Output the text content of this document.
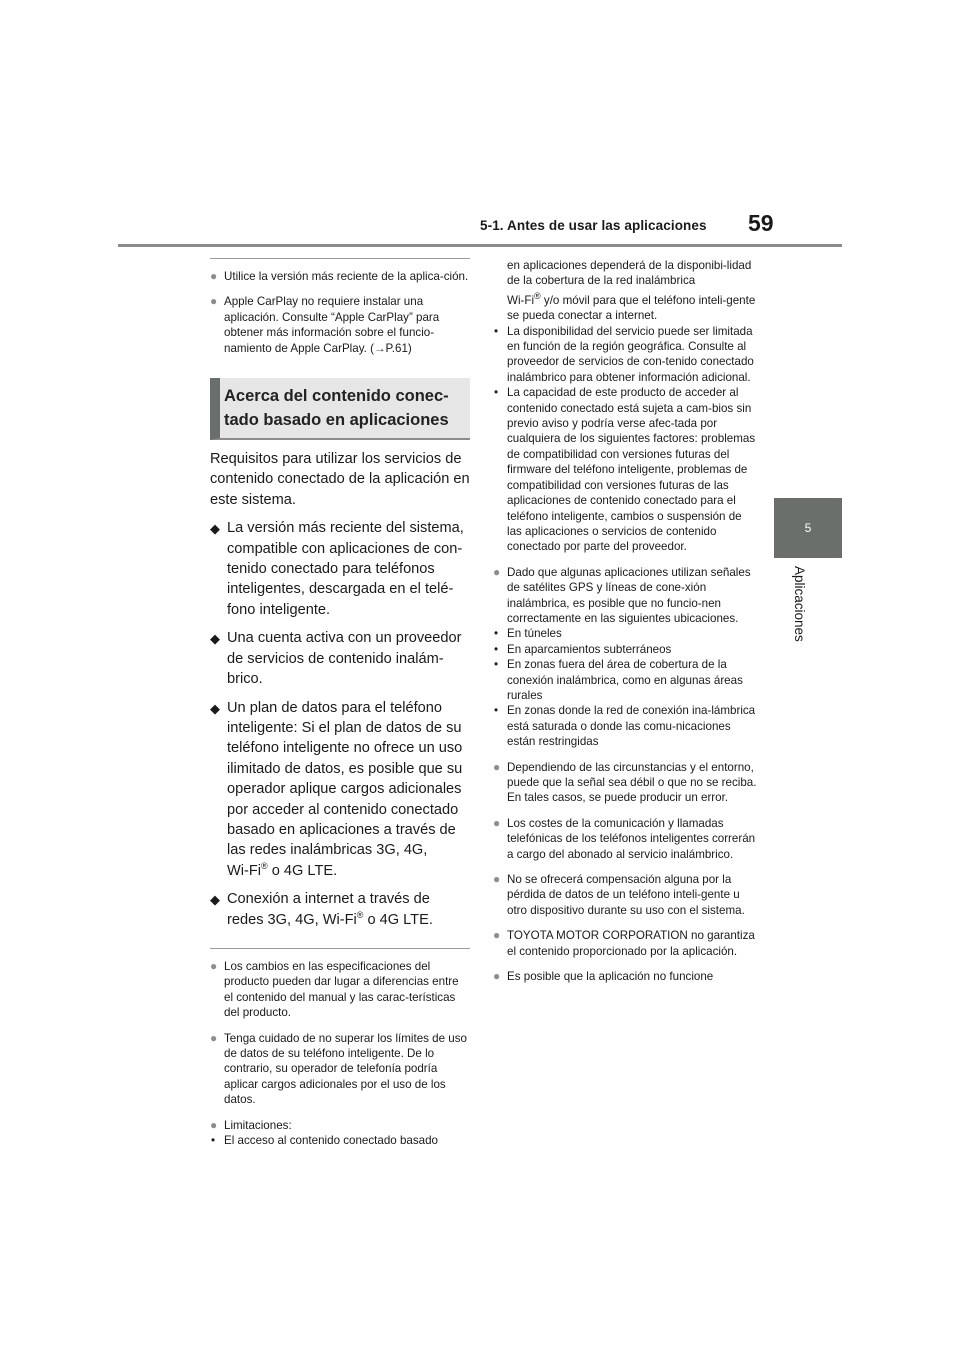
5-1. Antes de usar las aplicaciones 59
5
Aplicaciones
● Utilice la versión más reciente de la aplica-ción.
● Apple CarPlay no requiere instalar una aplicación. Consulte “Apple CarPlay” para obtener más información sobre el funcio-namiento de Apple CarPlay. (→P.61)
Acerca del contenido conec-tado basado en aplicaciones
Requisitos para utilizar los servicios de contenido conectado de la aplicación en este sistema.
◆ La versión más reciente del sistema, compatible con aplicaciones de con-tenido conectado para teléfonos inteligentes, descargada en el telé-fono inteligente.
◆ Una cuenta activa con un proveedor de servicios de contenido inalám-brico.
◆ Un plan de datos para el teléfono inteligente: Si el plan de datos de su teléfono inteligente no ofrece un uso ilimitado de datos, es posible que su operador aplique cargos adicionales por acceder al contenido conectado basado en aplicaciones a través de las redes inalámbricas 3G, 4G,
Wi-Fi® o 4G LTE.
◆ Conexión a internet a través de redes 3G, 4G, Wi-Fi® o 4G LTE.
● Los cambios en las especificaciones del producto pueden dar lugar a diferencias entre el contenido del manual y las carac-terísticas del producto.
● Tenga cuidado de no superar los límites de uso de datos de su teléfono inteligente. De lo contrario, su operador de telefonía podría aplicar cargos adicionales por el uso de los datos.
● Limitaciones:
• El acceso al contenido conectado basado
en aplicaciones dependerá de la disponibi-lidad de la cobertura de la red inalámbrica
Wi-Fi® y/o móvil para que el teléfono inteli-gente se pueda conectar a internet.
• La disponibilidad del servicio puede ser limitada en función de la región geográfica. Consulte al proveedor de servicios de con-tenido conectado inalámbrico para obtener información adicional.
• La capacidad de este producto de acceder al contenido conectado está sujeta a cam-bios sin previo aviso y podría verse afec-tada por cualquiera de los siguientes factores: problemas de compatibilidad con versiones futuras del firmware del teléfono inteligente, problemas de compatibilidad con versiones futuras de las aplicaciones de contenido conectado para el teléfono inteligente, cambios o suspensión de las aplicaciones o servicios de contenido conectado por parte del proveedor.
● Dado que algunas aplicaciones utilizan señales de satélites GPS y líneas de cone-xión inalámbrica, es posible que no funcio-nen correctamente en las siguientes ubicaciones.
• En túneles
• En aparcamientos subterráneos
• En zonas fuera del área de cobertura de la conexión inalámbrica, como en algunas áreas rurales
• En zonas donde la red de conexión ina-lámbrica está saturada o donde las comu-nicaciones están restringidas
● Dependiendo de las circunstancias y el entorno, puede que la señal sea débil o que no se reciba. En tales casos, se puede producir un error.
● Los costes de la comunicación y llamadas telefónicas de los teléfonos inteligentes correrán a cargo del abonado al servicio inalámbrico.
● No se ofrecerá compensación alguna por la pérdida de datos de un teléfono inteli-gente u otro dispositivo durante su uso con el sistema.
● TOYOTA MOTOR CORPORATION no garantiza el contenido proporcionado por la aplicación.
● Es posible que la aplicación no funcione
